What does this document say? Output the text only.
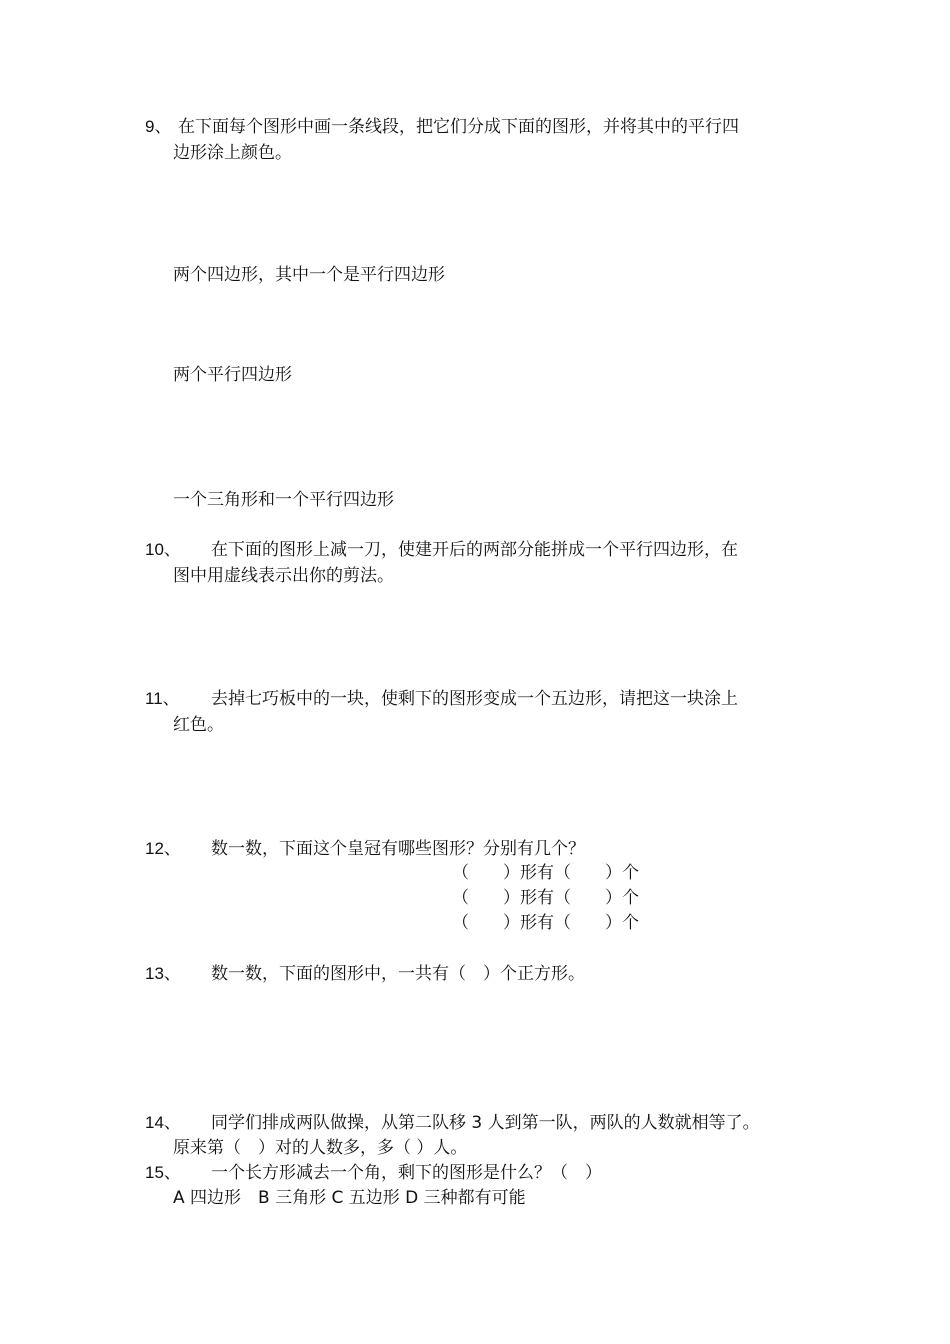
9、 在下面每个图形中画一条线段，把它们分成下面的图形，并将其中的平行四
边形涂上颜色。
两个四边形，其中一个是平行四边形
两个平行四边形
一个三角形和一个平行四边形
10、 在下面的图形上减一刀，使建开后的两部分能拼成一个平行四边形，在
图中用虚线表示出你的剪法。
11、 去掉七巧板中的一块，使剩下的图形变成一个五边形，请把这一块涂上
红色。
12、 数一数，下面这个皇冠有哪些图形？分别有几个？
（　　）形有（　　）个
（　　）形有（　　）个
（　　）形有（　　）个
13、 数一数，下面的图形中，一共有（　）个正方形。
14、 同学们排成两队做操，从第二队移 3 人到第一队，两队的人数就相等了。
原来第（　）对的人数多，多（ ）人。
15、 一个长方形减去一个角，剩下的图形是什么？（　）
A 四边形　B 三角形 C 五边形 D 三种都有可能
